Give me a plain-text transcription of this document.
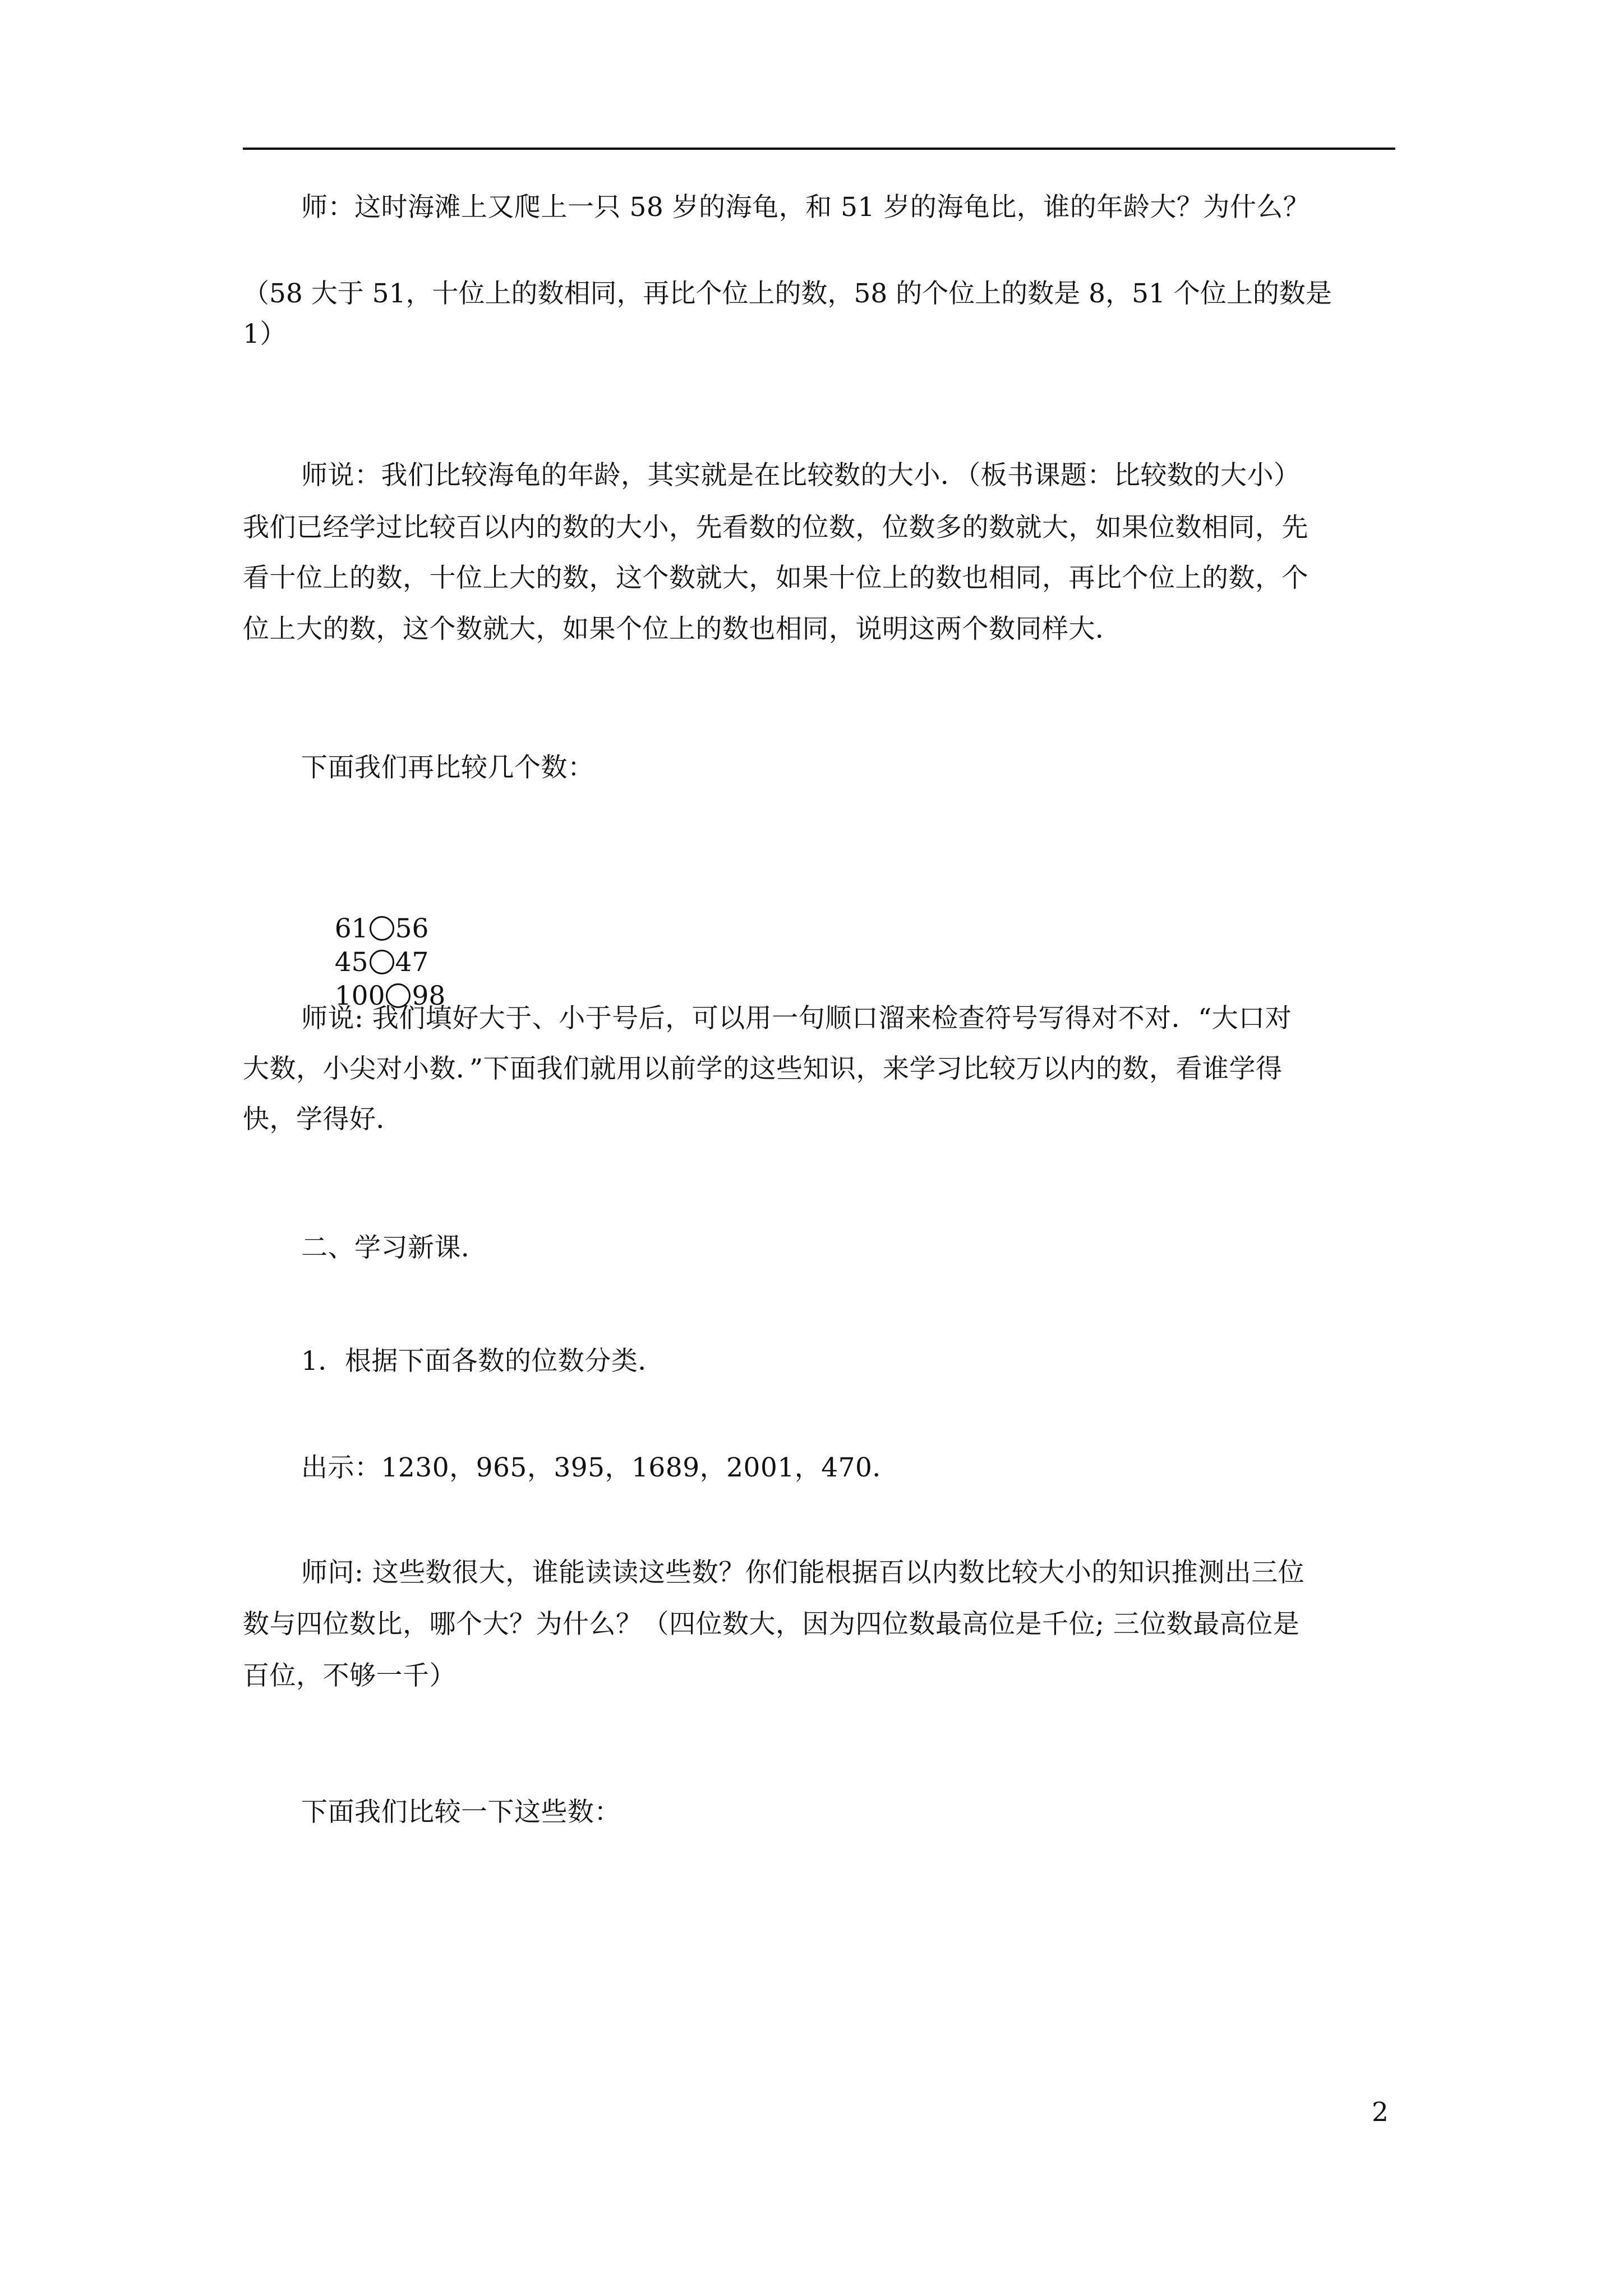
师：这时海滩上又爬上一只 58 岁的海龟，和 51 岁的海龟比，谁的年龄大？为什么？
（58 大于 51，十位上的数相同，再比个位上的数，58 的个位上的数是 8，51 个位上的数是
1）
师说：我们比较海龟的年龄，其实就是在比较数的大小．（板书课题：比较数的大小）
我们已经学过比较百以内的数的大小，先看数的位数，位数多的数就大，如果位数相同，先
看十位上的数，十位上大的数，这个数就大，如果十位上的数也相同，再比个位上的数，个
位上大的数，这个数就大，如果个位上的数也相同，说明这两个数同样大．
下面我们再比较几个数：

61 56
45 47
100 98

师说: 我们填好大于、小于号后，可以用一句顺口溜来检查符号写得对不对．“大口对
大数，小尖对小数．”下面我们就用以前学的这些知识，来学习比较万以内的数，看谁学得
快，学得好．
二、学习新课．
1．根据下面各数的位数分类．
出示：1230，965，395，1689，2001，470．
师问: 这些数很大，谁能读读这些数？你们能根据百以内数比较大小的知识推测出三位
数与四位数比，哪个大？为什么？（四位数大，因为四位数最高位是千位; 三位数最高位是
百位，不够一千）
下面我们比较一下这些数：
2
